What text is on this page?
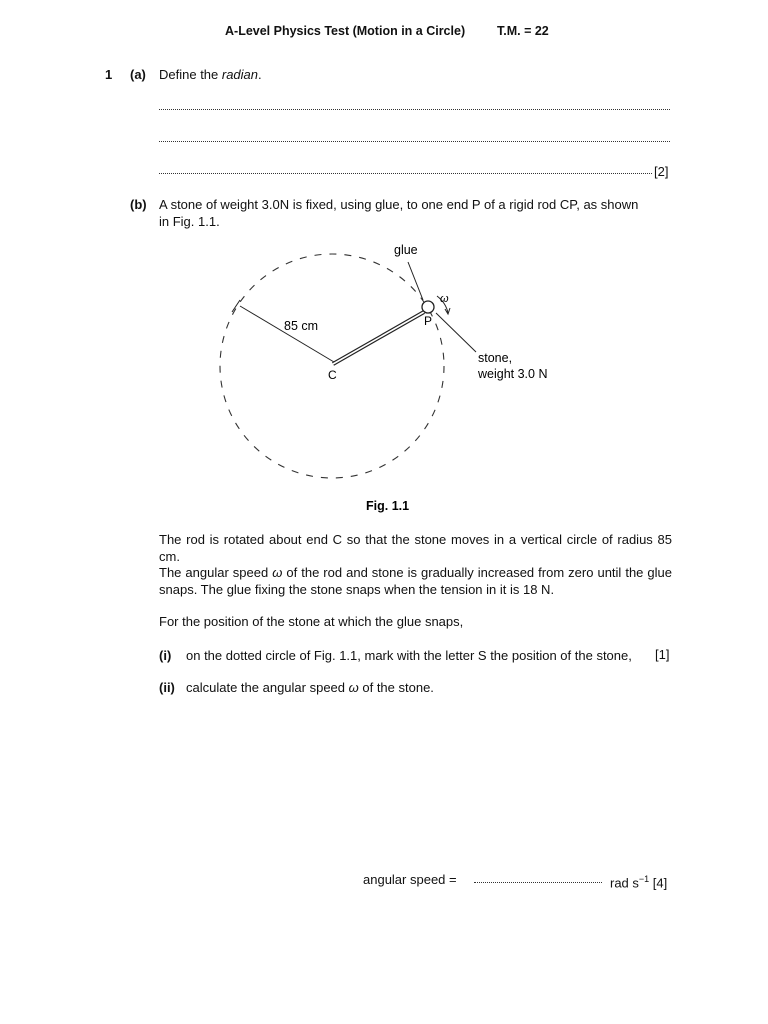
A-Level Physics Test (Motion in a Circle)	T.M. = 22
1 (a) Define the radian.
[2]
(b) A stone of weight 3.0N is fixed, using glue, to one end P of a rigid rod CP, as shown
in Fig. 1.1.
glue
ω
P
85 cm
C
stone,
weight 3.0 N
Fig. 1.1
The rod is rotated about end C so that the stone moves in a vertical circle of radius 85 cm.
The angular speed ω of the rod and stone is gradually increased from zero until the glue snaps. The glue fixing the stone snaps when the tension in it is 18 N.
For the position of the stone at which the glue snaps,
(i) on the dotted circle of Fig. 1.1, mark with the letter S the position of the stone, [1]
(ii) calculate the angular speed ω of the stone.
angular speed =	rad $s^{-1}$ [4]
